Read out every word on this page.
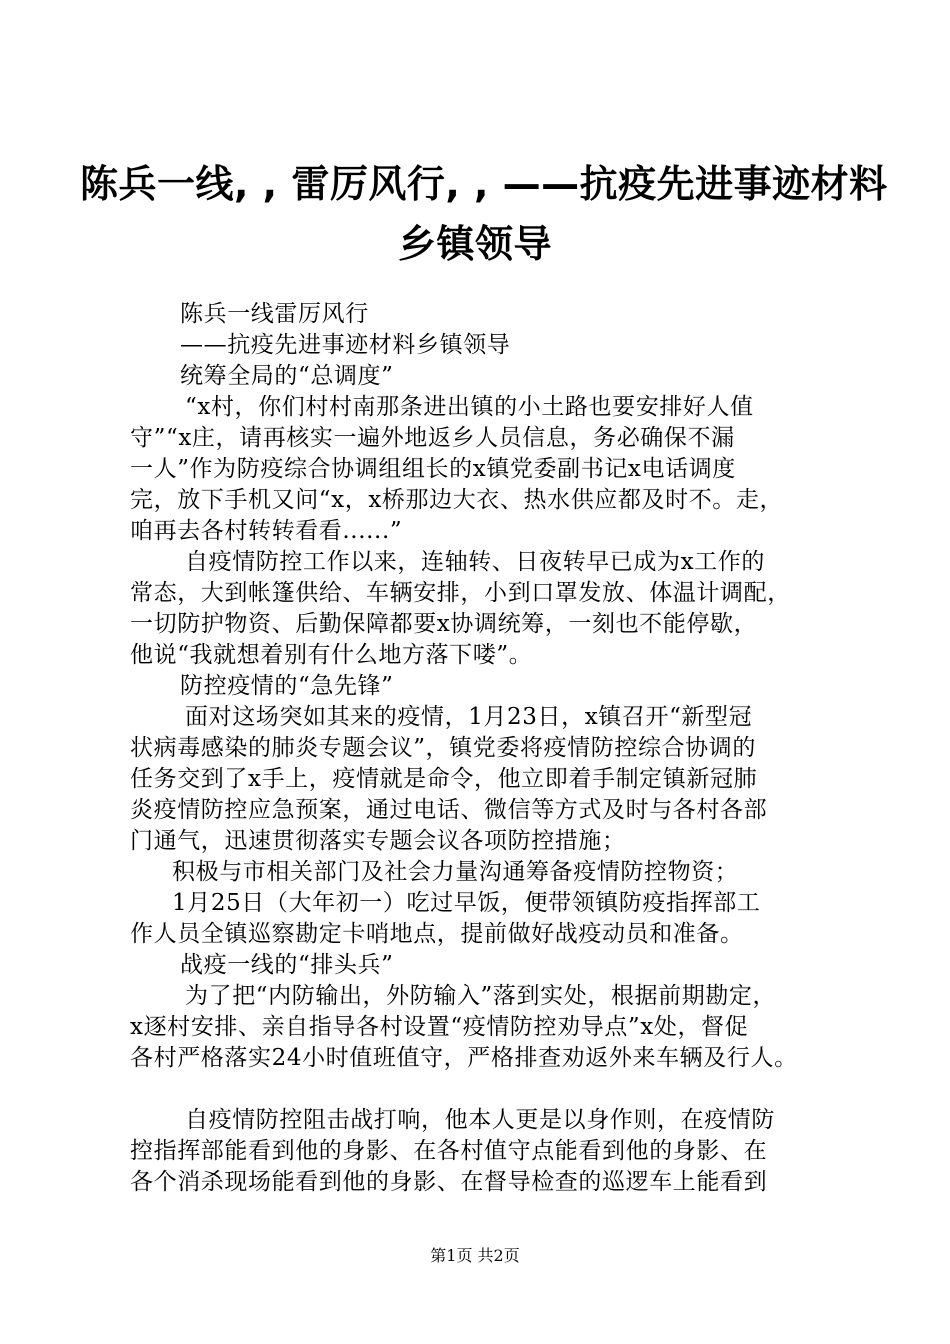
陈兵一线, , 雷厉风行, , ——抗疫先进事迹材料
乡镇领导
陈兵一线雷厉风行
——抗疫先进事迹材料乡镇领导
统筹全局的“总调度”
“x村，你们村村南那条进出镇的小土路也要安排好人值
守”“x庄，请再核实一遍外地返乡人员信息，务必确保不漏
一人”作为防疫综合协调组组长的x镇党委副书记x电话调度
完，放下手机又问“x，x桥那边大衣、热水供应都及时不。走，
咱再去各村转转看看......”
自疫情防控工作以来，连轴转、日夜转早已成为x工作的
常态，大到帐篷供给、车辆安排，小到口罩发放、体温计调配，
一切防护物资、后勤保障都要x协调统筹，一刻也不能停歇，
他说“我就想着别有什么地方落下喽”。
防控疫情的“急先锋”
面对这场突如其来的疫情，1月23日，x镇召开“新型冠
状病毒感染的肺炎专题会议”，镇党委将疫情防控综合协调的
任务交到了x手上，疫情就是命令，他立即着手制定镇新冠肺
炎疫情防控应急预案，通过电话、微信等方式及时与各村各部
门通气，迅速贯彻落实专题会议各项防控措施；
积极与市相关部门及社会力量沟通筹备疫情防控物资；
1月25日（大年初一）吃过早饭，便带领镇防疫指挥部工
作人员全镇巡察勘定卡哨地点，提前做好战疫动员和准备。
战疫一线的“排头兵”
为了把“内防输出，外防输入”落到实处，根据前期勘定，
x逐村安排、亲自指导各村设置“疫情防控劝导点”x处，督促
各村严格落实24小时值班值守，严格排查劝返外来车辆及行人。
自疫情防控阻击战打响，他本人更是以身作则，在疫情防
控指挥部能看到他的身影、在各村值守点能看到他的身影、在
各个消杀现场能看到他的身影、在督导检查的巡逻车上能看到
第1页 共2页
